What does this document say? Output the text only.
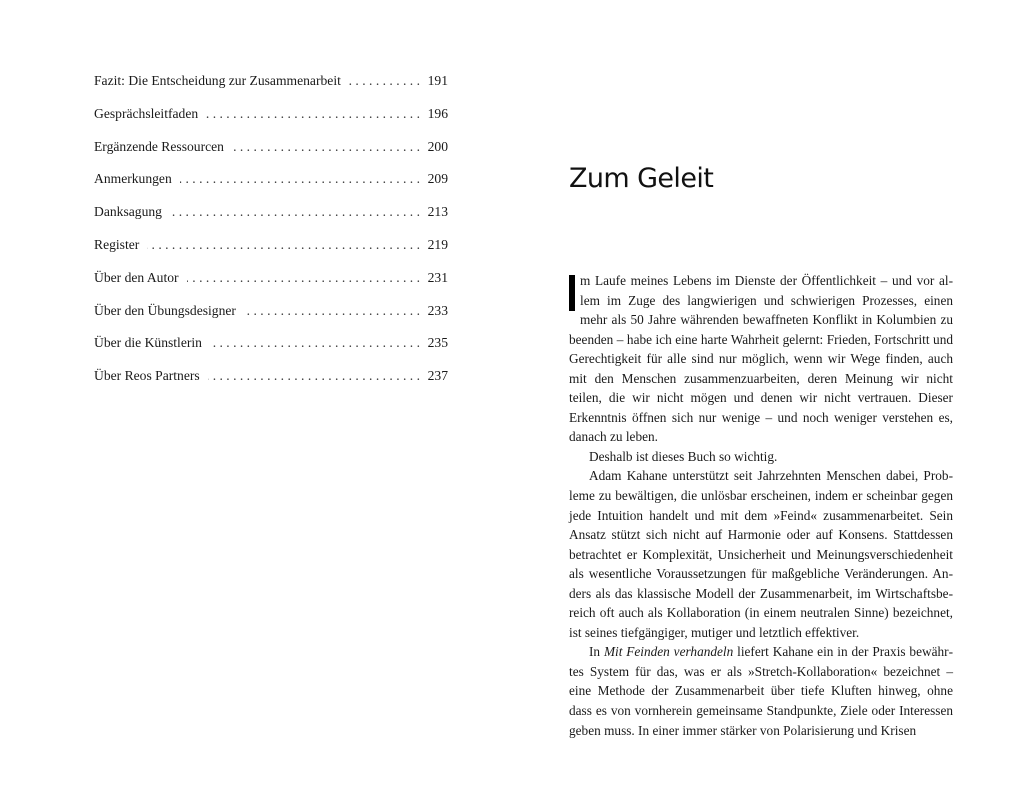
Fazit: Die Entscheidung zur Zusammenarbeit . . .	191
Gesprächsleitfaden . . .	196
Ergänzende Ressourcen . . .	200
Anmerkungen . . .	209
Danksagung . . .	213
Register . . .	219
Über den Autor . . .	231
Über den Übungsdesigner . . .	233
Über die Künstlerin . . .	235
Über Reos Partners . . .	237
Zum Geleit

m Laufe meines Lebens im Dienste der Öffentlichkeit – und vor allem im Zuge des langwierigen und schwierigen Prozesses, einen mehr als 50 Jahre währenden bewaffneten Konflikt in Kolumbien zu beenden – habe ich eine harte Wahrheit gelernt: Frieden, Fortschritt und Gerechtigkeit für alle sind nur möglich, wenn wir Wege finden, auch mit den Menschen zusammenzuarbeiten, deren Meinung wir nicht teilen, die wir nicht mögen und denen wir nicht vertrauen. Dieser Erkenntnis öffnen sich nur wenige – und noch weniger verstehen es, danach zu leben.

Deshalb ist dieses Buch so wichtig.

Adam Kahane unterstützt seit Jahrzehnten Menschen dabei, Probleme zu bewältigen, die unlösbar erscheinen, indem er scheinbar gegen jede Intuition handelt und mit dem »Feind« zusammenarbeitet. Sein Ansatz stützt sich nicht auf Harmonie oder auf Konsens. Stattdessen betrachtet er Komplexität, Unsicherheit und Meinungsverschiedenheit als wesentliche Voraussetzungen für maßgebliche Veränderungen. Anders als das klassische Modell der Zusammenarbeit, im Wirtschaftsbereich oft auch als Kollaboration (in einem neutralen Sinne) bezeichnet, ist seines tiefgängiger, mutiger und letztlich effektiver.

In Mit Feinden verhandeln liefert Kahane ein in der Praxis bewährtes System für das, was er als »Stretch-Kollaboration« bezeichnet – eine Methode der Zusammenarbeit über tiefe Kluften hinweg, ohne dass es von vornherein gemeinsame Standpunkte, Ziele oder Interessen geben muss. In einer immer stärker von Polarisierung und Krisen
